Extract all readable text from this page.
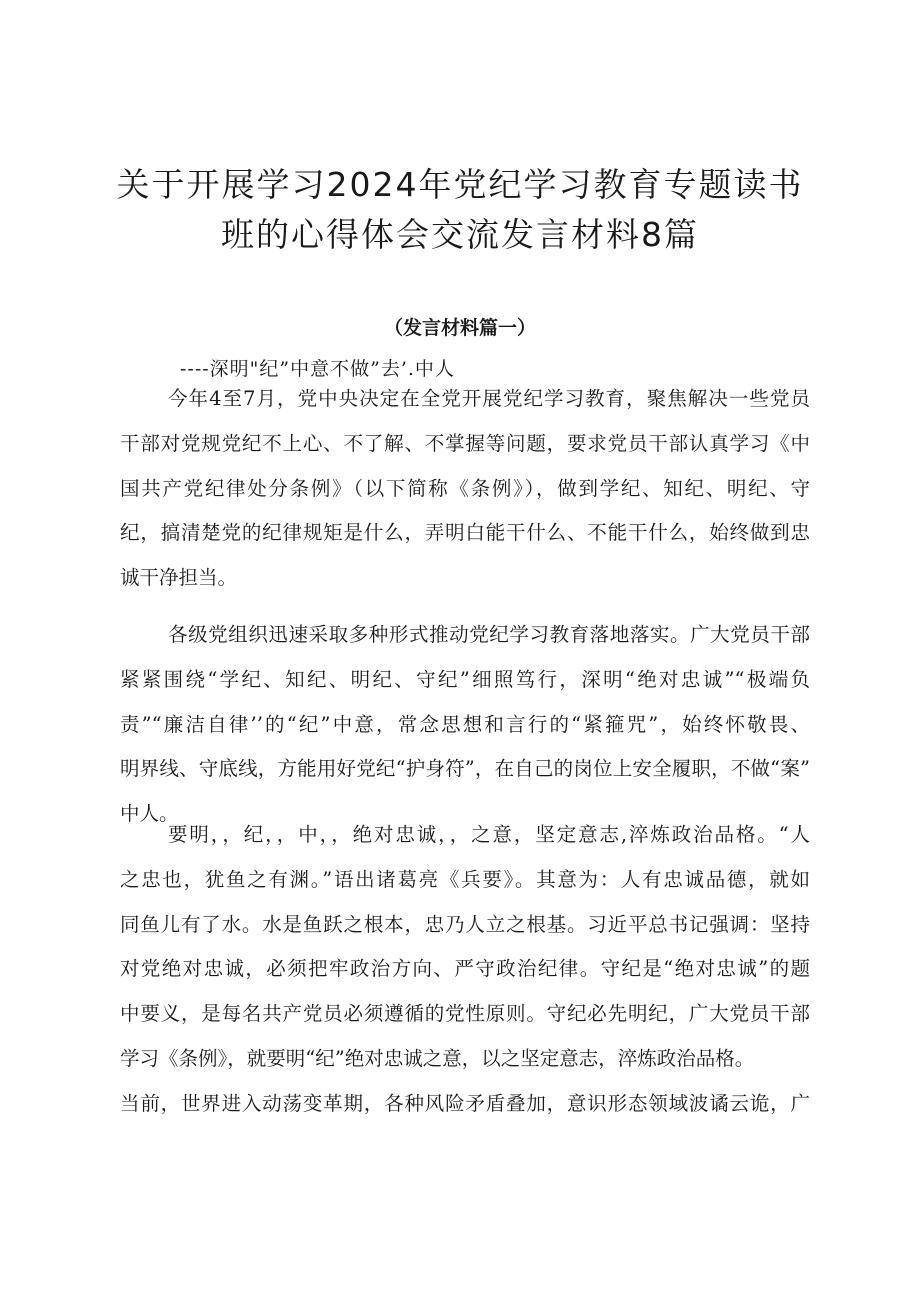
关于开展学习2024年党纪学习教育专题读书
班的心得体会交流发言材料8篇
（发言材料篇一）

----深明"纪”中意不做”去’.中人

今年4至7月，党中央决定在全党开展党纪学习教育，聚焦解决一些党员
干部对党规党纪不上心、不了解、不掌握等问题，要求党员干部认真学习《中
国共产党纪律处分条例》（以下简称《条例》），做到学纪、知纪、明纪、守
纪，搞清楚党的纪律规矩是什么，弄明白能干什么、不能干什么，始终做到忠
诚干净担当。

各级党组织迅速采取多种形式推动党纪学习教育落地落实。广大党员干部
紧紧围绕“学纪、知纪、明纪、守纪”细照笃行，深明“绝对忠诚”“极端负
责”“廉洁自律’’的“纪”中意，常念思想和言行的“紧箍咒”，始终怀敬畏、
明界线、守底线，方能用好党纪“护身符”，在自己的岗位上安全履职，不做“案”
中人。

要明，，纪，，中，，绝对忠诚，，之意，坚定意志,淬炼政治品格。“人
之忠也，犹鱼之有渊。”语出诸葛亮《兵要》。其意为：人有忠诚品德，就如
同鱼儿有了水。水是鱼跃之根本，忠乃人立之根基。习近平总书记强调：坚持
对党绝对忠诚，必须把牢政治方向、严守政治纪律。守纪是“绝对忠诚”的题
中要义，是每名共产党员必须遵循的党性原则。守纪必先明纪，广大党员干部
学习《条例》，就要明“纪”绝对忠诚之意，以之坚定意志，淬炼政治品格。
当前，世界进入动荡变革期，各种风险矛盾叠加，意识形态领域波谲云诡，广
